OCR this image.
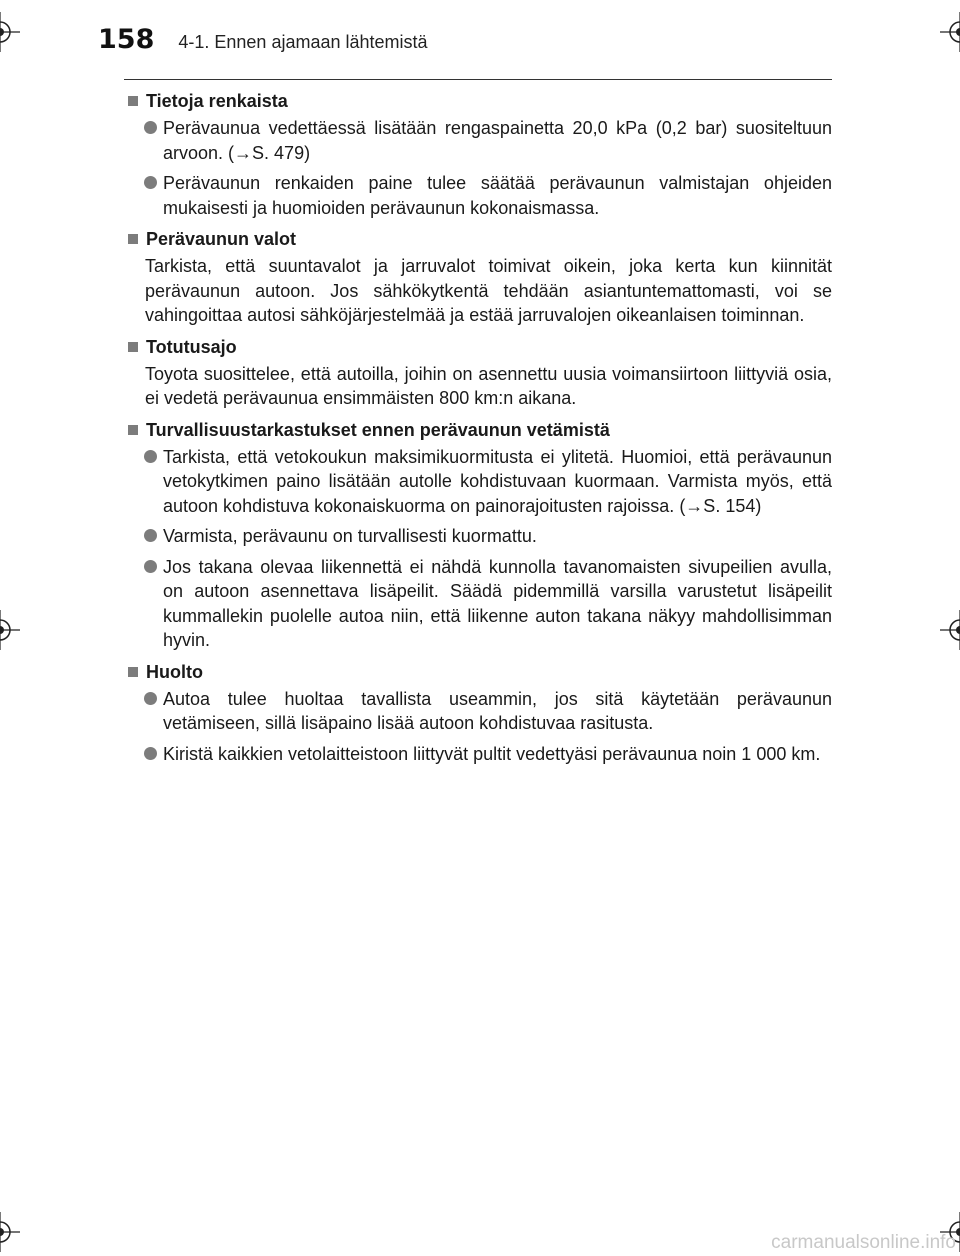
158 4-1. Ennen ajamaan lähtemistä
Tietoja renkaista
Perävaunua vedettäessä lisätään rengaspainetta 20,0 kPa (0,2 bar) suositeltuun arvoon. (→S. 479)
Perävaunun renkaiden paine tulee säätää perävaunun valmistajan ohjeiden mukaisesti ja huomioiden perävaunun kokonaismassa.
Perävaunun valot

Tarkista, että suuntavalot ja jarruvalot toimivat oikein, joka kerta kun kiinnität perävaunun autoon. Jos sähkökytkentä tehdään asiantuntemattomasti, voi se vahingoittaa autosi sähköjärjestelmää ja estää jarruvalojen oikeanlaisen toiminnan.

Totutusajo

Toyota suosittelee, että autoilla, joihin on asennettu uusia voimansiirtoon liittyviä osia, ei vedetä perävaunua ensimmäisten 800 km:n aikana.

Turvallisuustarkastukset ennen perävaunun vetämistä
Tarkista, että vetokoukun maksimikuormitusta ei ylitetä. Huomioi, että perävaunun vetokytkimen paino lisätään autolle kohdistuvaan kuormaan. Varmista myös, että autoon kohdistuva kokonaiskuorma on painorajoitusten rajoissa. (→S. 154)
Varmista, perävaunu on turvallisesti kuormattu.
Jos takana olevaa liikennettä ei nähdä kunnolla tavanomaisten sivupeilien avulla, on autoon asennettava lisäpeilit. Säädä pidemmillä varsilla varustetut lisäpeilit kummallekin puolelle autoa niin, että liikenne auton takana näkyy mahdollisimman hyvin.
Huolto
Autoa tulee huoltaa tavallista useammin, jos sitä käytetään perävaunun vetämiseen, sillä lisäpaino lisää autoon kohdistuvaa rasitusta.
Kiristä kaikkien vetolaitteistoon liittyvät pultit vedettyäsi perävaunua noin 1 000 km.
carmanualsonline.info
